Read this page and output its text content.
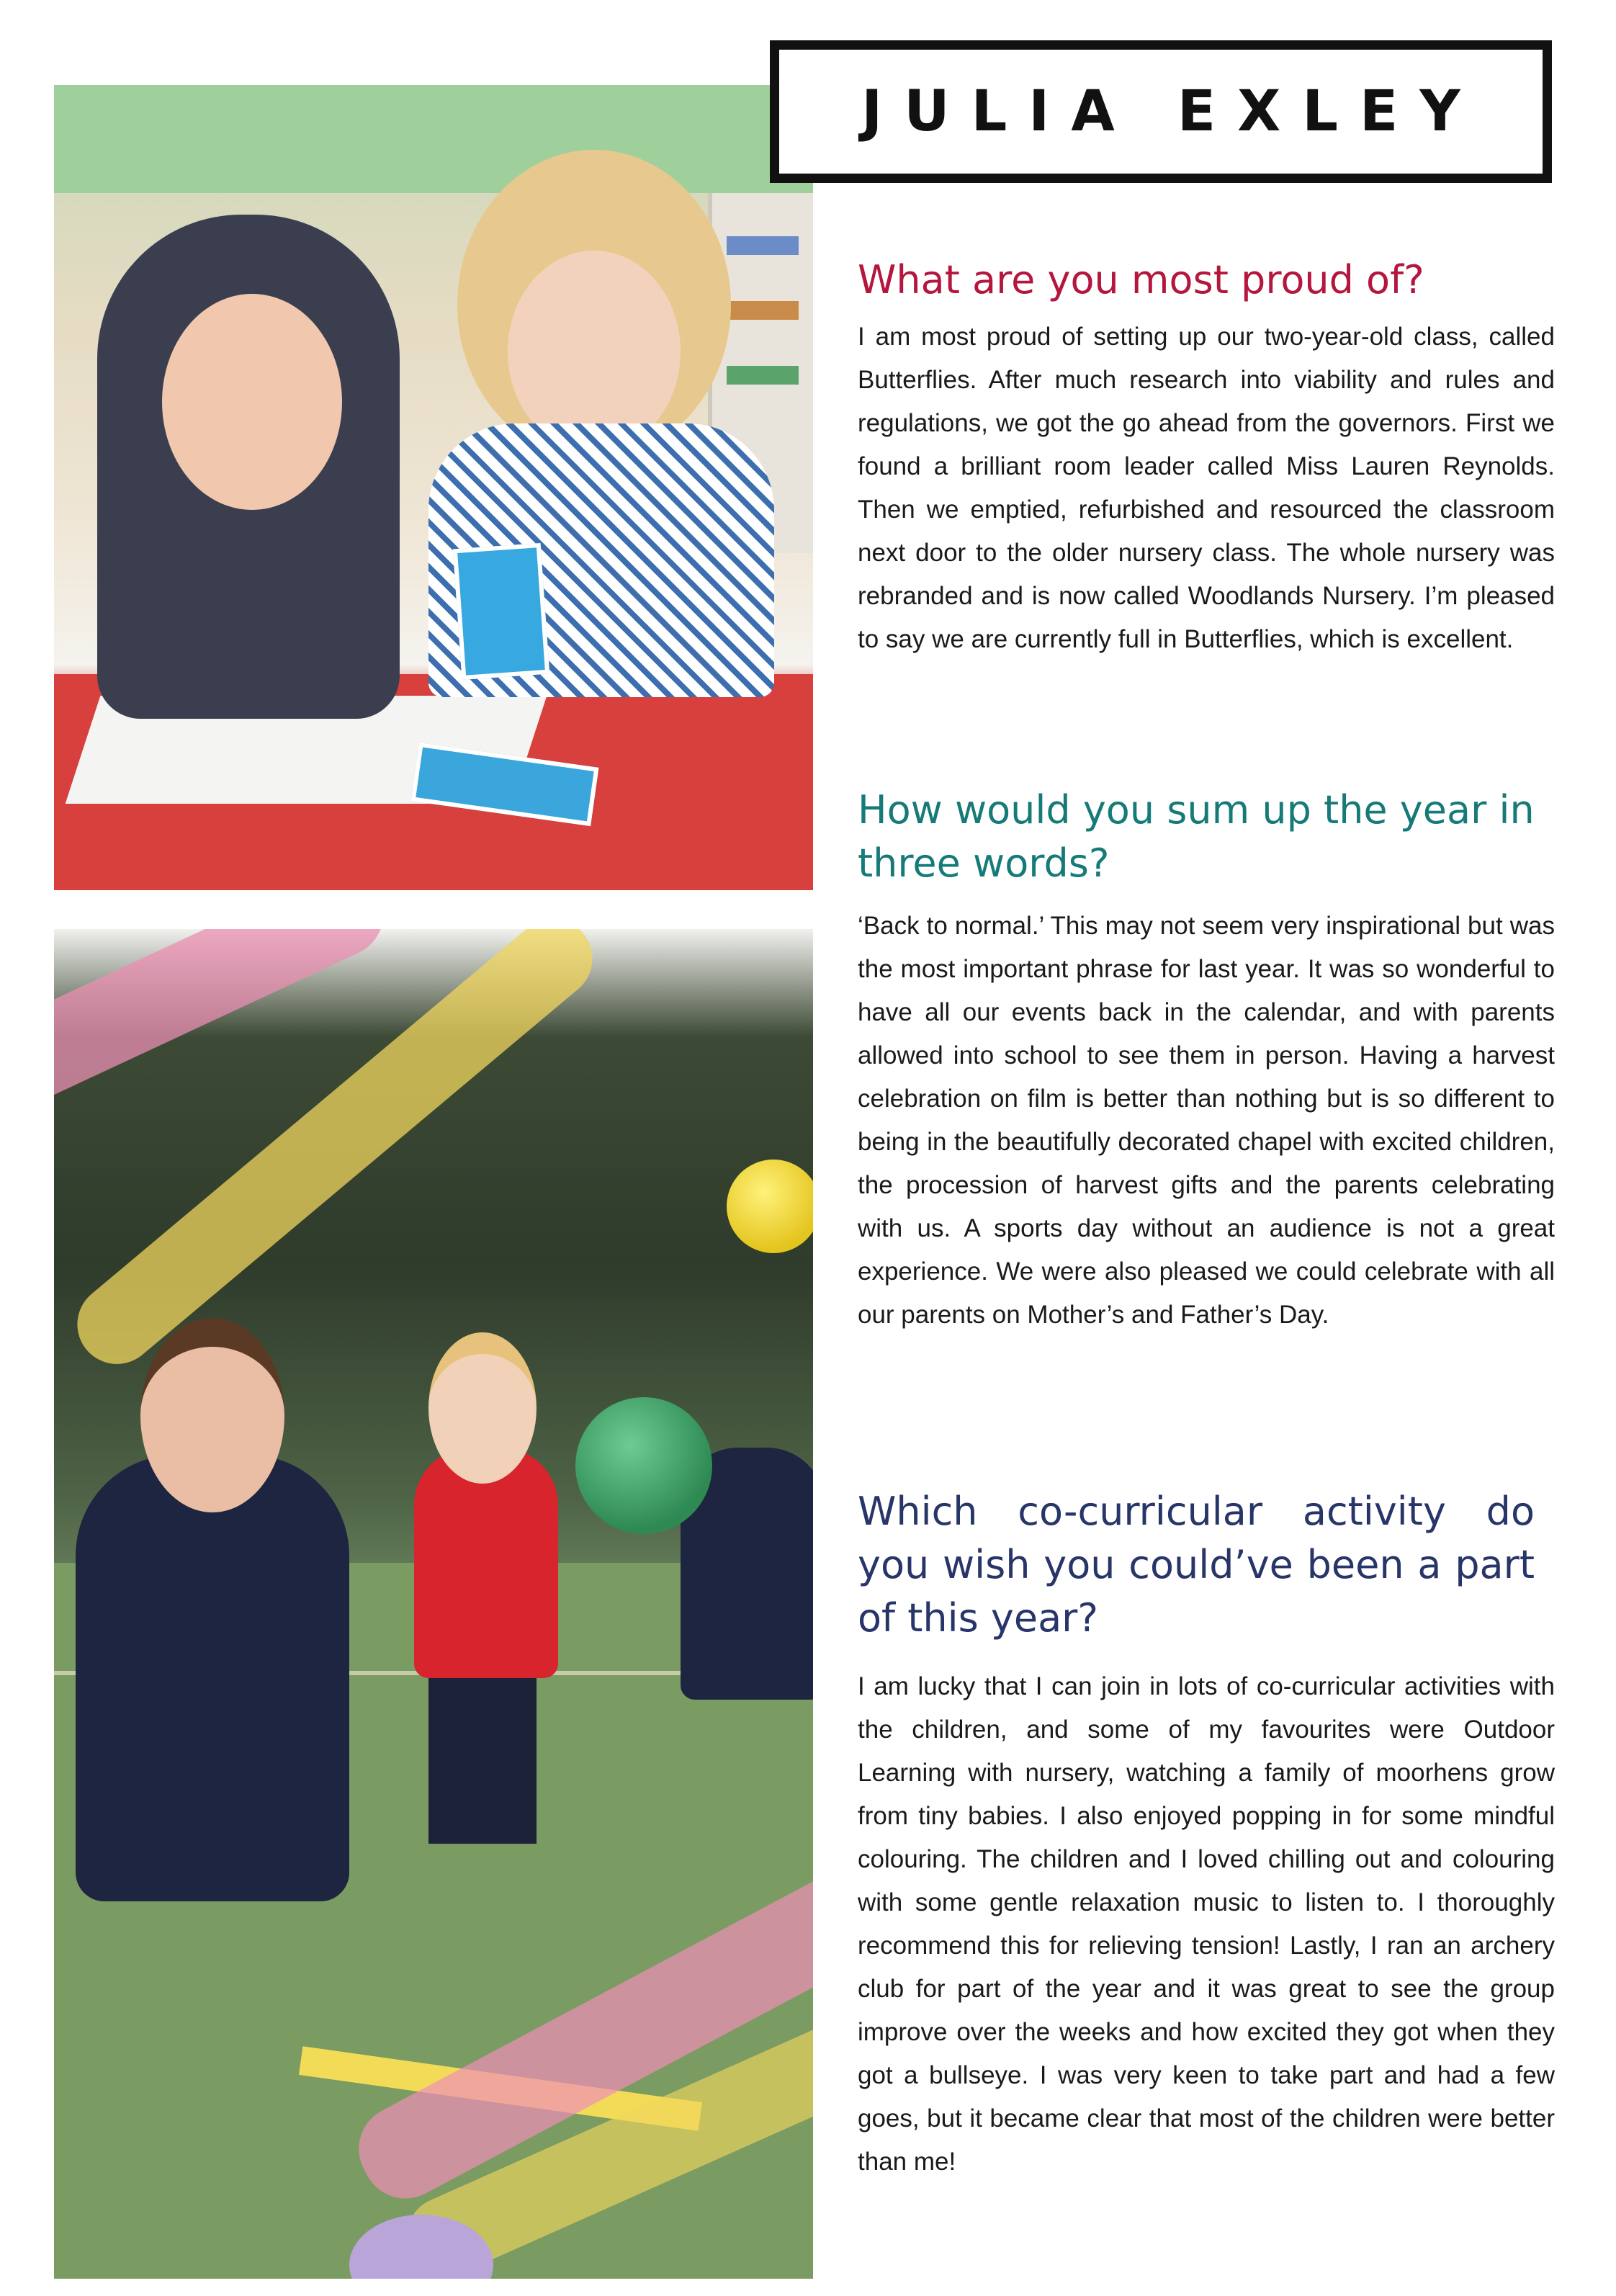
JULIA EXLEY
What are you most proud of?

I am most proud of setting up our two-year-old class, called Butterflies. After much research into viability and rules and regulations, we got the go ahead from the governors. First we found a brilliant room leader called Miss Lauren Reynolds. Then we emptied, refurbished and resourced the classroom next door to the older nursery class. The whole nursery was rebranded and is now called Woodlands Nursery. I’m pleased to say we are currently full in Butterflies, which is excellent.

How would you sum up the year in three words?

‘Back to normal.’ This may not seem very inspirational but was the most important phrase for last year. It was so wonderful to have all our events back in the calendar, and with parents allowed into school to see them in person. Having a harvest celebration on film is better than nothing but is so different to being in the beautifully decorated chapel with excited children, the procession of harvest gifts and the parents celebrating with us. A sports day without an audience is not a great experience. We were also pleased we could celebrate with all our parents on Mother’s and Father’s Day.

Which co-curricular activity do you wish you could’ve been a part of this year?

I am lucky that I can join in lots of co-curricular activities with the children, and some of my favourites were Outdoor Learning with nursery, watching a family of moorhens grow from tiny babies. I also enjoyed popping in for some mindful colouring. The children and I loved chilling out and colouring with some gentle relaxation music to listen to. I thoroughly recommend this for relieving tension! Lastly, I ran an archery club for part of the year and it was great to see the group improve over the weeks and how excited they got when they got a bullseye. I was very keen to take part and had a few goes, but it became clear that most of the children were better than me!
